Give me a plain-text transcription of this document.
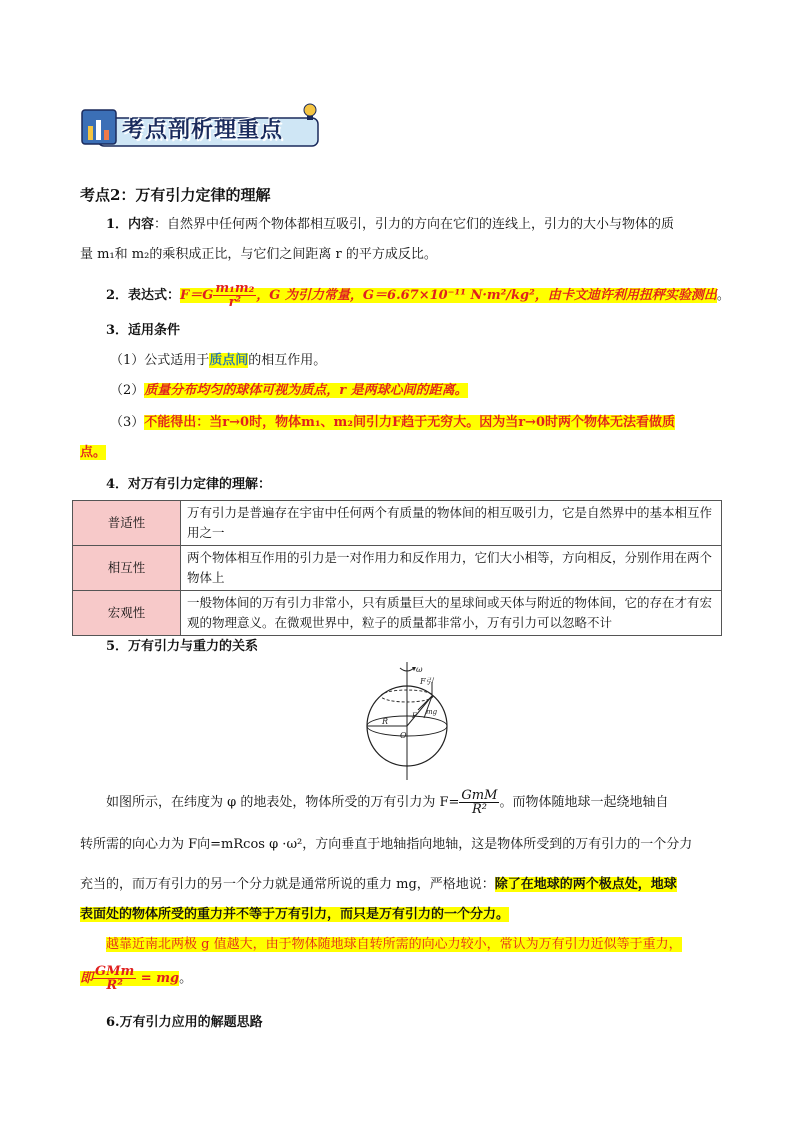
考点剖析理重点
考点2：万有引力定律的理解
1．内容：自然界中任何两个物体都相互吸引，引力的方向在它们的连线上，引力的大小与物体的质
量 m₁和 m₂的乘积成正比，与它们之间距离 r 的平方成反比。
2．表达式：$F=G \frac{\text{m₁m₂}}{\text{r²}}$ ，G 为引力常量，G＝6.67×10⁻¹¹ N·m²/kg²，由卡文迪许利用扭秤实验测出。
3．适用条件
（1）公式适用于质点间的相互作用。
（2）质量分布均匀的球体可视为质点，r 是两球心间的距离。
（3）不能得出：当r→0时，物体m₁、m₂间引力F趋于无穷大。因为当r→0时两个物体无法看做质
点。
4．对万有引力定律的理解：
普适性	万有引力是普遍存在宇宙中任何两个有质量的物体间的相互吸引力，它是自然界中的基本相互作用之一
相互性	两个物体相互作用的引力是一对作用力和反作用力，它们大小相等，方向相反，分别作用在两个物体上
宏观性	一般物体间的万有引力非常小，只有质量巨大的星球间或天体与附近的物体间，它的存在才有宏观的物理意义。在微观世界中，粒子的质量都非常小，万有引力可以忽略不计
5．万有引力与重力的关系
ω
F引
F mg
R
O
如图所示，在纬度为 φ 的地表处，物体所受的万有引力为 $F= \frac{\text{GmM}}{\text{R²}}$ 。而物体随地球一起绕地轴自
转所需的向心力为 F向=mRcos φ ·ω²，方向垂直于地轴指向地轴，这是物体所受到的万有引力的一个分力
充当的，而万有引力的另一个分力就是通常所说的重力 mg，严格地说：除了在地球的两个极点处，地球
表面处的物体所受的重力并不等于万有引力，而只是万有引力的一个分力。
越靠近南北两极 g 值越大，由于物体随地球自转所需的向心力较小，常认为万有引力近似等于重力，
即 $\frac{\text{GMm}}{\text{R²}}$ = mg。
6.万有引力应用的解题思路
